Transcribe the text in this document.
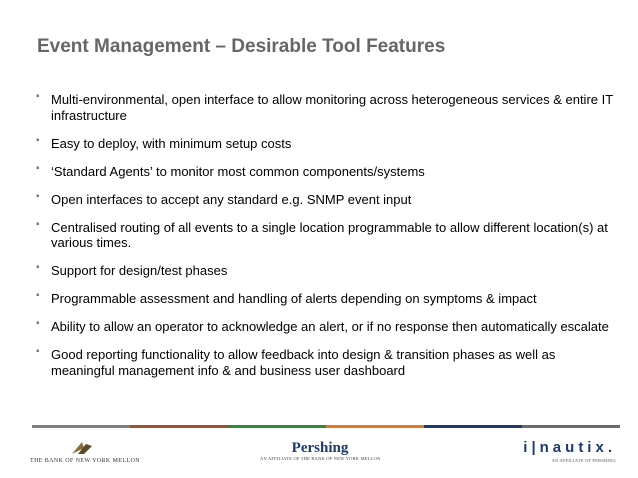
Event Management – Desirable Tool Features
▪ Multi-environmental, open interface to allow monitoring across heterogeneous services & entire IT infrastructure
▪ Easy to deploy, with minimum setup costs
▪ ‘Standard Agents’ to monitor most common components/systems
▪ Open interfaces to accept any standard e.g. SNMP event input
▪ Centralised routing of all events to a single location programmable to allow different location(s) at various times.
▪ Support for design/test phases
▪ Programmable assessment and handling of alerts depending on symptoms & impact
▪ Ability to allow an operator to acknowledge an alert, or if no response then automatically escalate
▪ Good reporting functionality to allow feedback into design & transition phases as well as meaningful management info & and business user dashboard
THE BANK OF NEW YORK MELLON
Pershing
AN AFFILIATE OF THE BANK OF NEW YORK MELLON
i|nautix.
AN AFFILIATE OF PERSHING
